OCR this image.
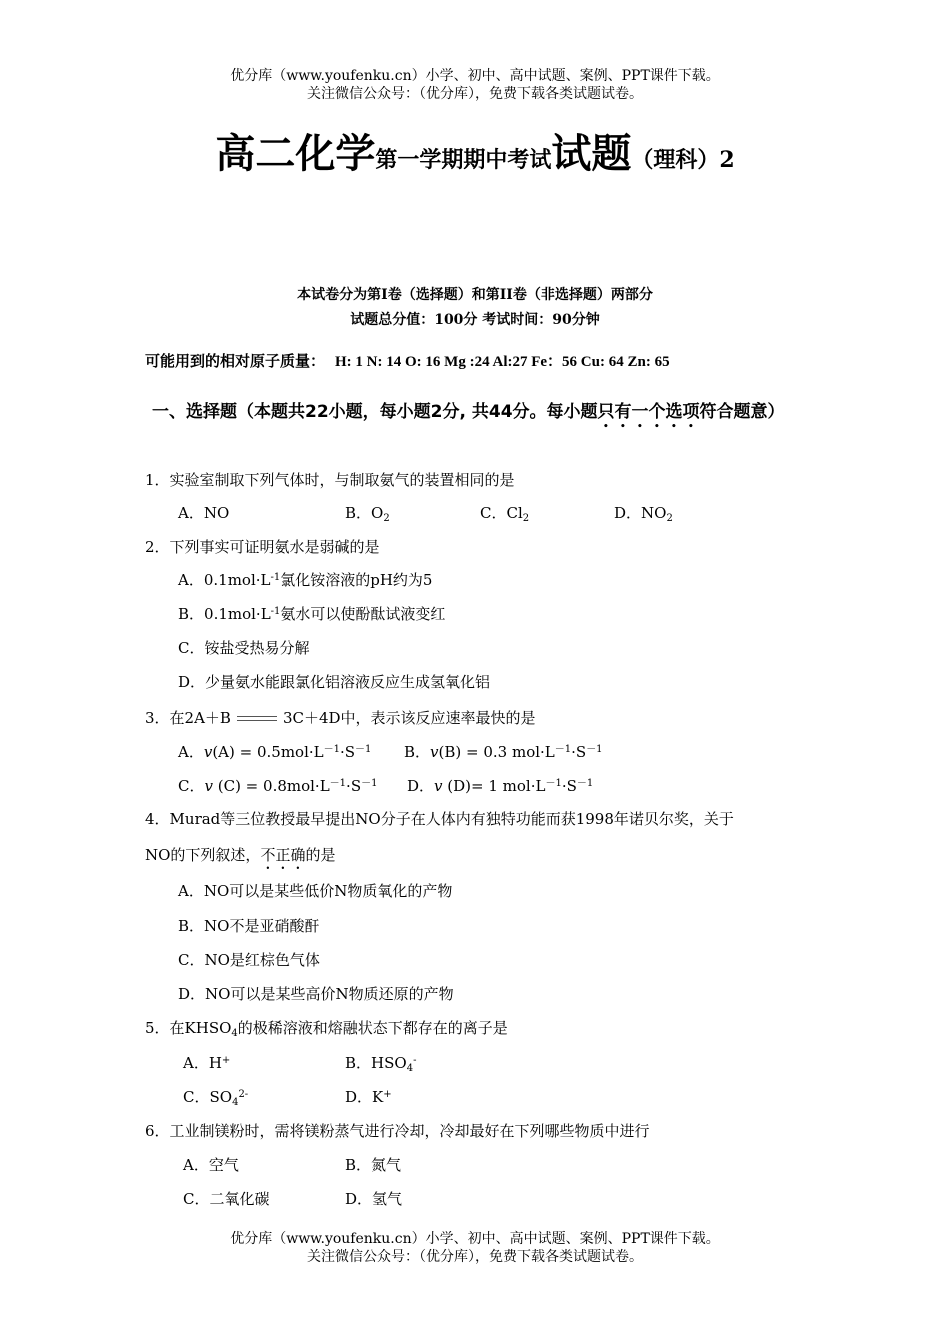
优分库（www.youfenku.cn）小学、初中、高中试题、案例、PPT课件下载。
关注微信公众号：（优分库），免费下载各类试题试卷。
高二化学第一学期期中考试试题（理科）2
本试卷分为第Ⅰ卷（选择题）和第II卷（非选择题）两部分
试题总分值：100分 考试时间：90分钟
可能用到的相对原子质量： H: 1 N: 14 O: 16 Mg :24 Al:27 Fe：56 Cu: 64 Zn: 65
一、选择题（本题共22小题，每小题2分, 共44分。每小题只有一个选项符合题意）
1．实验室制取下列气体时，与制取氨气的装置相同的是
A．NO	B．$O_2$	C．$Cl_2$	D．$NO_2$
2．下列事实可证明氨水是弱碱的是
A．$0.1mol\cdot L^{-1}$氯化铵溶液的pH约为5
B．$0.1mol\cdot L^{-1}$氨水可以使酚酞试液变红
C．铵盐受热易分解
D．少量氨水能跟氯化铝溶液反应生成氢氧化铝
3．在2A＋B	3C＋4D中，表示该反应速率最快的是
A．$v(A) = 0.5mol\cdot L^{-1}\cdot S^{-1}$ B．v(B) = 0.3 $mol\cdot L^{-1}\cdot S^{-1}$
C．v $(C) = 0.8mol\cdot L^{-1}\cdot S^{-1}$ D．v (D)= 1 $mol\cdot L^{-1}\cdot S^{-1}$
4．Murad等三位教授最早提出NO分子在人体内有独特功能而获1998年诺贝尔奖，关于
NO的下列叙述，不正确的是
A．NO可以是某些低价N物质氧化的产物
B．NO不是亚硝酸酐
C．NO是红棕色气体
D．NO可以是某些高价N物质还原的产物
5．在$KHSO_4$的极稀溶液和熔融状态下都存在的离子是
A．H+	B．$HSO_4^-$
C．$SO_4^{2-}$	D．K+
6．工业制镁粉时，需将镁粉蒸气进行冷却，冷却最好在下列哪些物质中进行
A．空气	B．氮气
C．二氧化碳	D．氢气
优分库（www.youfenku.cn）小学、初中、高中试题、案例、PPT课件下载。
关注微信公众号：（优分库），免费下载各类试题试卷。
